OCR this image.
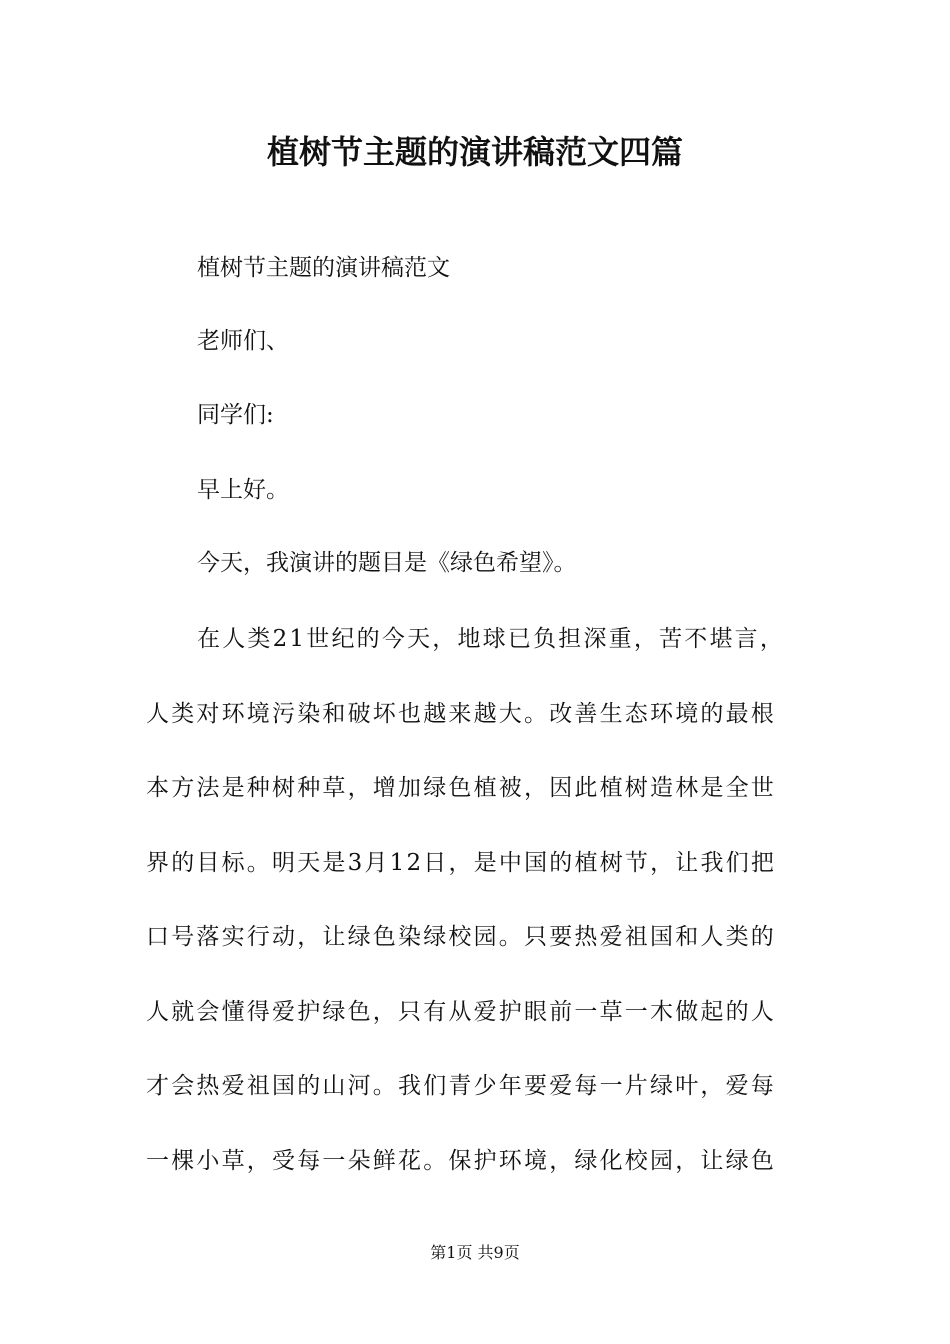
植树节主题的演讲稿范文四篇

植树节主题的演讲稿范文

老师们、

同学们:

早上好。

今天，我演讲的题目是《绿色希望》。

在人类21世纪的今天，地球已负担深重，苦不堪言，
人类对环境污染和破坏也越来越大。改善生态环境的最根
本方法是种树种草，增加绿色植被，因此植树造林是全世
界的目标。明天是3月12日，是中国的植树节，让我们把
口号落实行动，让绿色染绿校园。只要热爱祖国和人类的
人就会懂得爱护绿色，只有从爱护眼前一草一木做起的人
才会热爱祖国的山河。我们青少年要爱每一片绿叶，爱每
一棵小草，受每一朵鲜花。保护环境，绿化校园，让绿色

第1页 共9页
